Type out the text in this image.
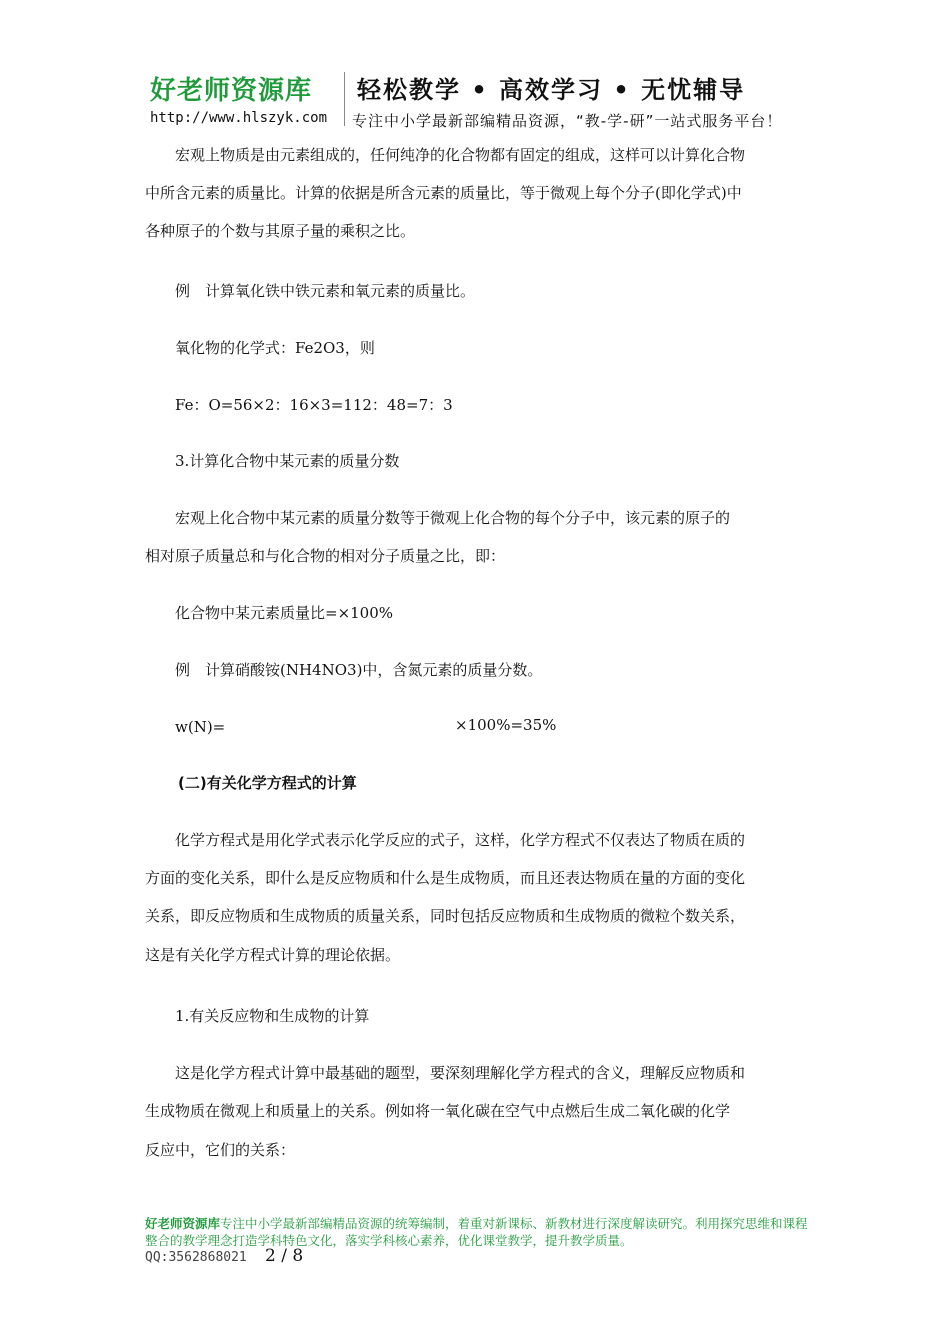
好老师资源库 轻松教学 • 高效学习 • 无忧辅导
http://www.hlszyk.com 专注中小学最新部编精品资源，“教-学-研”一站式服务平台！
　　宏观上物质是由元素组成的，任何纯净的化合物都有固定的组成，这样可以计算化合物
中所含元素的质量比。计算的依据是所含元素的质量比，等于微观上每个分子(即化学式)中
各种原子的个数与其原子量的乘积之比。
　　例　计算氧化铁中铁元素和氧元素的质量比。
　　氧化物的化学式：Fe2O3，则
　　Fe：O=56×2：16×3=112：48=7：3
　　3.计算化合物中某元素的质量分数
　　宏观上化合物中某元素的质量分数等于微观上化合物的每个分子中，该元素的原子的
相对原子质量总和与化合物的相对分子质量之比，即：
　　化合物中某元素质量比=×100%
　　例　计算硝酸铵(NH4NO3)中，含氮元素的质量分数。
　　w(N)=	×100%=35%
(二)有关化学方程式的计算
　　化学方程式是用化学式表示化学反应的式子，这样，化学方程式不仅表达了物质在质的
方面的变化关系，即什么是反应物质和什么是生成物质，而且还表达物质在量的方面的变化
关系，即反应物质和生成物质的质量关系，同时包括反应物质和生成物质的微粒个数关系，
这是有关化学方程式计算的理论依据。
　　1.有关反应物和生成物的计算
　　这是化学方程式计算中最基础的题型，要深刻理解化学方程式的含义，理解反应物质和
生成物质在微观上和质量上的关系。例如将一氧化碳在空气中点燃后生成二氧化碳的化学
反应中，它们的关系：
好老师资源库专注中小学最新部编精品资源的统筹编制，着重对新课标、新教材进行深度解读研究。利用探究思维和课程整合的教学理念打造学科特色文化，落实学科核心素养，优化课堂教学，提升教学质量。
QQ:3562868021 2 / 8
